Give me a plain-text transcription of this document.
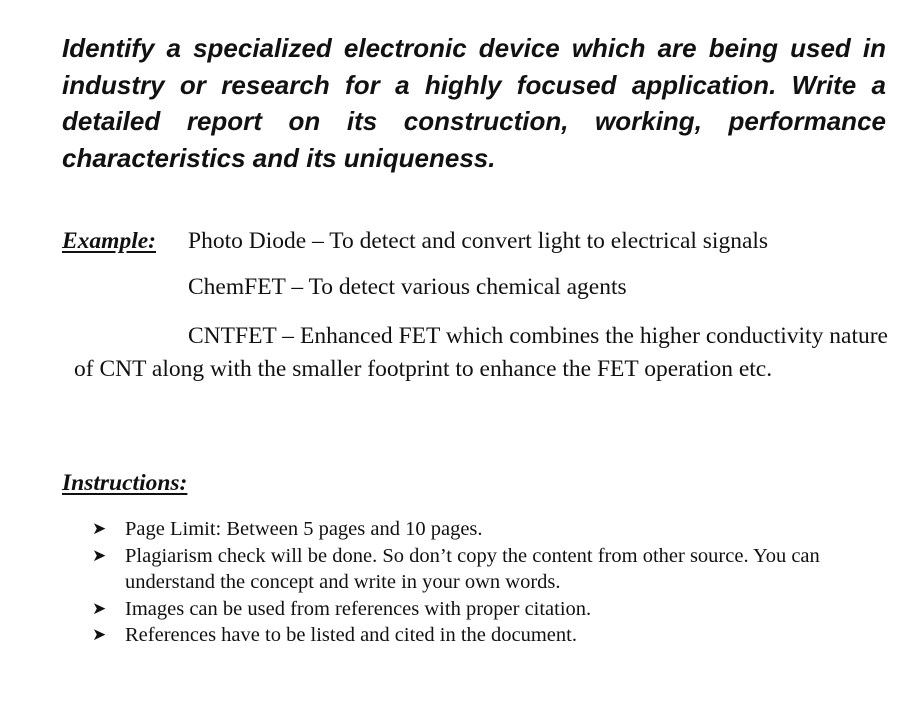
Identify a specialized electronic device which are being used in industry or research for a highly focused application. Write a detailed report on its construction, working, performance characteristics and its uniqueness.

Example:	Photo Diode – To detect and convert light to electrical signals
ChemFET – To detect various chemical agents
CNTFET – Enhanced FET which combines the higher conductivity nature of CNT along with the smaller footprint to enhance the FET operation etc.
Instructions:
➤ Page Limit: Between 5 pages and 10 pages.
➤ Plagiarism check will be done. So don’t copy the content from other source. You can understand the concept and write in your own words.
➤ Images can be used from references with proper citation.
➤ References have to be listed and cited in the document.
